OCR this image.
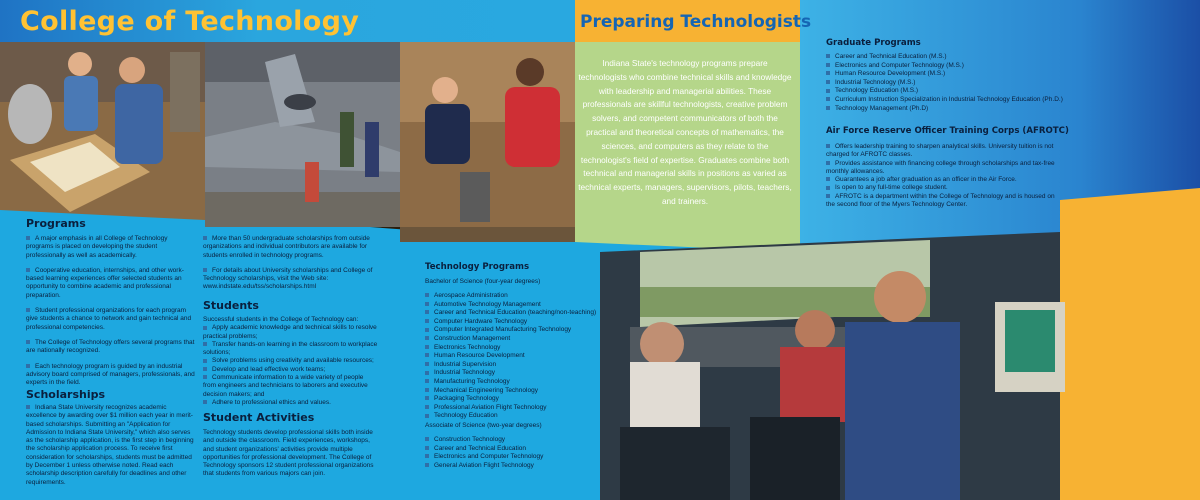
College of Technology	Preparing Technologists
Indiana State's technology programs prepare technologists who combine technical skills and knowledge with leadership and managerial abilities. These professionals are skillful technologists, creative problem solvers, and competent communicators of both the practical and theoretical concepts of mathematics, the sciences, and computers as they relate to the technologist's field of expertise. Graduates combine both technical and managerial skills in positions as varied as technical experts, managers, supervisors, pilots, teachers, and trainers.
Graduate Programs
Career and Technical Education (M.S.)
Electronics and Computer Technology (M.S.)
Human Resource Development (M.S.)
Industrial Technology (M.S.)
Technology Education (M.S.)
Curriculum Instruction Specialization in Industrial Technology Education (Ph.D.)
Technology Management (Ph.D)
Air Force Reserve Officer Training Corps (AFROTC)
Offers leadership training to sharpen analytical skills. University tuition is not charged for AFROTC classes.
Provides assistance with financing college through scholarships and tax-free monthly allowances.
Guarantees a job after graduation as an officer in the Air Force.
Is open to any full-time college student.
AFROTC is a department within the College of Technology and is housed on the second floor of the Myers Technology Center.
Programs

A major emphasis in all College of Technology programs is placed on developing the student professionally as well as academically.

Cooperative education, internships, and other work-based learning experiences offer selected students an opportunity to combine academic and professional preparation.

Student professional organizations for each program give students a chance to network and gain technical and professional competencies.

The College of Technology offers several programs that are nationally recognized.

Each technology program is guided by an industrial advisory board comprised of managers, professionals, and experts in the field.

Scholarships

Indiana State University recognizes academic excellence by awarding over $1 million each year in merit-based scholarships. Submitting an "Application for Admission to Indiana State University," which also serves as the scholarship application, is the first step in beginning the scholarship application process. To receive first consideration for scholarships, students must be admitted by December 1 unless otherwise noted. Read each scholarship description carefully for deadlines and other requirements.

More than 50 undergraduate scholarships from outside organizations and individual contributors are available for students enrolled in technology programs.

For details about University scholarships and College of Technology scholarships, visit the Web site: www.indstate.edu/tss/scholarships.html

Students
Successful students in the College of Technology can:
Apply academic knowledge and technical skills to resolve practical problems;
Transfer hands-on learning in the classroom to workplace solutions;
Solve problems using creativity and available resources;
Develop and lead effective work teams;
Communicate information to a wide variety of people from engineers and technicians to laborers and executive decision makers; and
Adhere to professional ethics and values.
Student Activities
Technology students develop professional skills both inside and outside the classroom. Field experiences, workshops, and student organizations' activities provide multiple opportunities for professional development. The College of Technology sponsors 12 student professional organizations that students from various majors can join.
Technology Programs
Bachelor of Science (four-year degrees)
Aerospace Administration
Automotive Technology Management
Career and Technical Education (teaching/non-teaching)
Computer Hardware Technology
Computer Integrated Manufacturing Technology
Construction Management
Electronics Technology
Human Resource Development
Industrial Supervision
Industrial Technology
Manufacturing Technology
Mechanical Engineering Technology
Packaging Technology
Professional Aviation Flight Technology
Technology Education
Associate of Science (two-year degrees)
Construction Technology
Career and Technical Education
Electronics and Computer Technology
General Aviation Flight Technology
